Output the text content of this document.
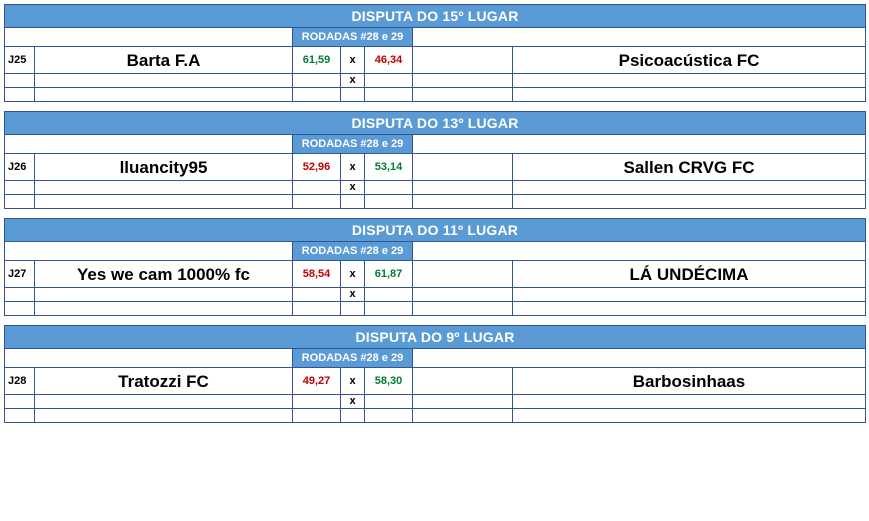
DISPUTA DO 15º LUGAR						
		RODADAS #28 e 29				
J25	Barta F.A	61,59	x	46,34		Psicoacústica FC
			x			

DISPUTA DO 13º LUGAR						
		RODADAS #28 e 29				
J26	lluancity95	52,96	x	53,14		Sallen CRVG FC
			x			

DISPUTA DO 11º LUGAR						
		RODADAS #28 e 29				
J27	Yes we cam 1000% fc	58,54	x	61,87		LÁ UNDÉCIMA
			x			

DISPUTA DO 9º LUGAR						
		RODADAS #28 e 29				
J28	Tratozzi FC	49,27	x	58,30		Barbosinhaas
			x			
